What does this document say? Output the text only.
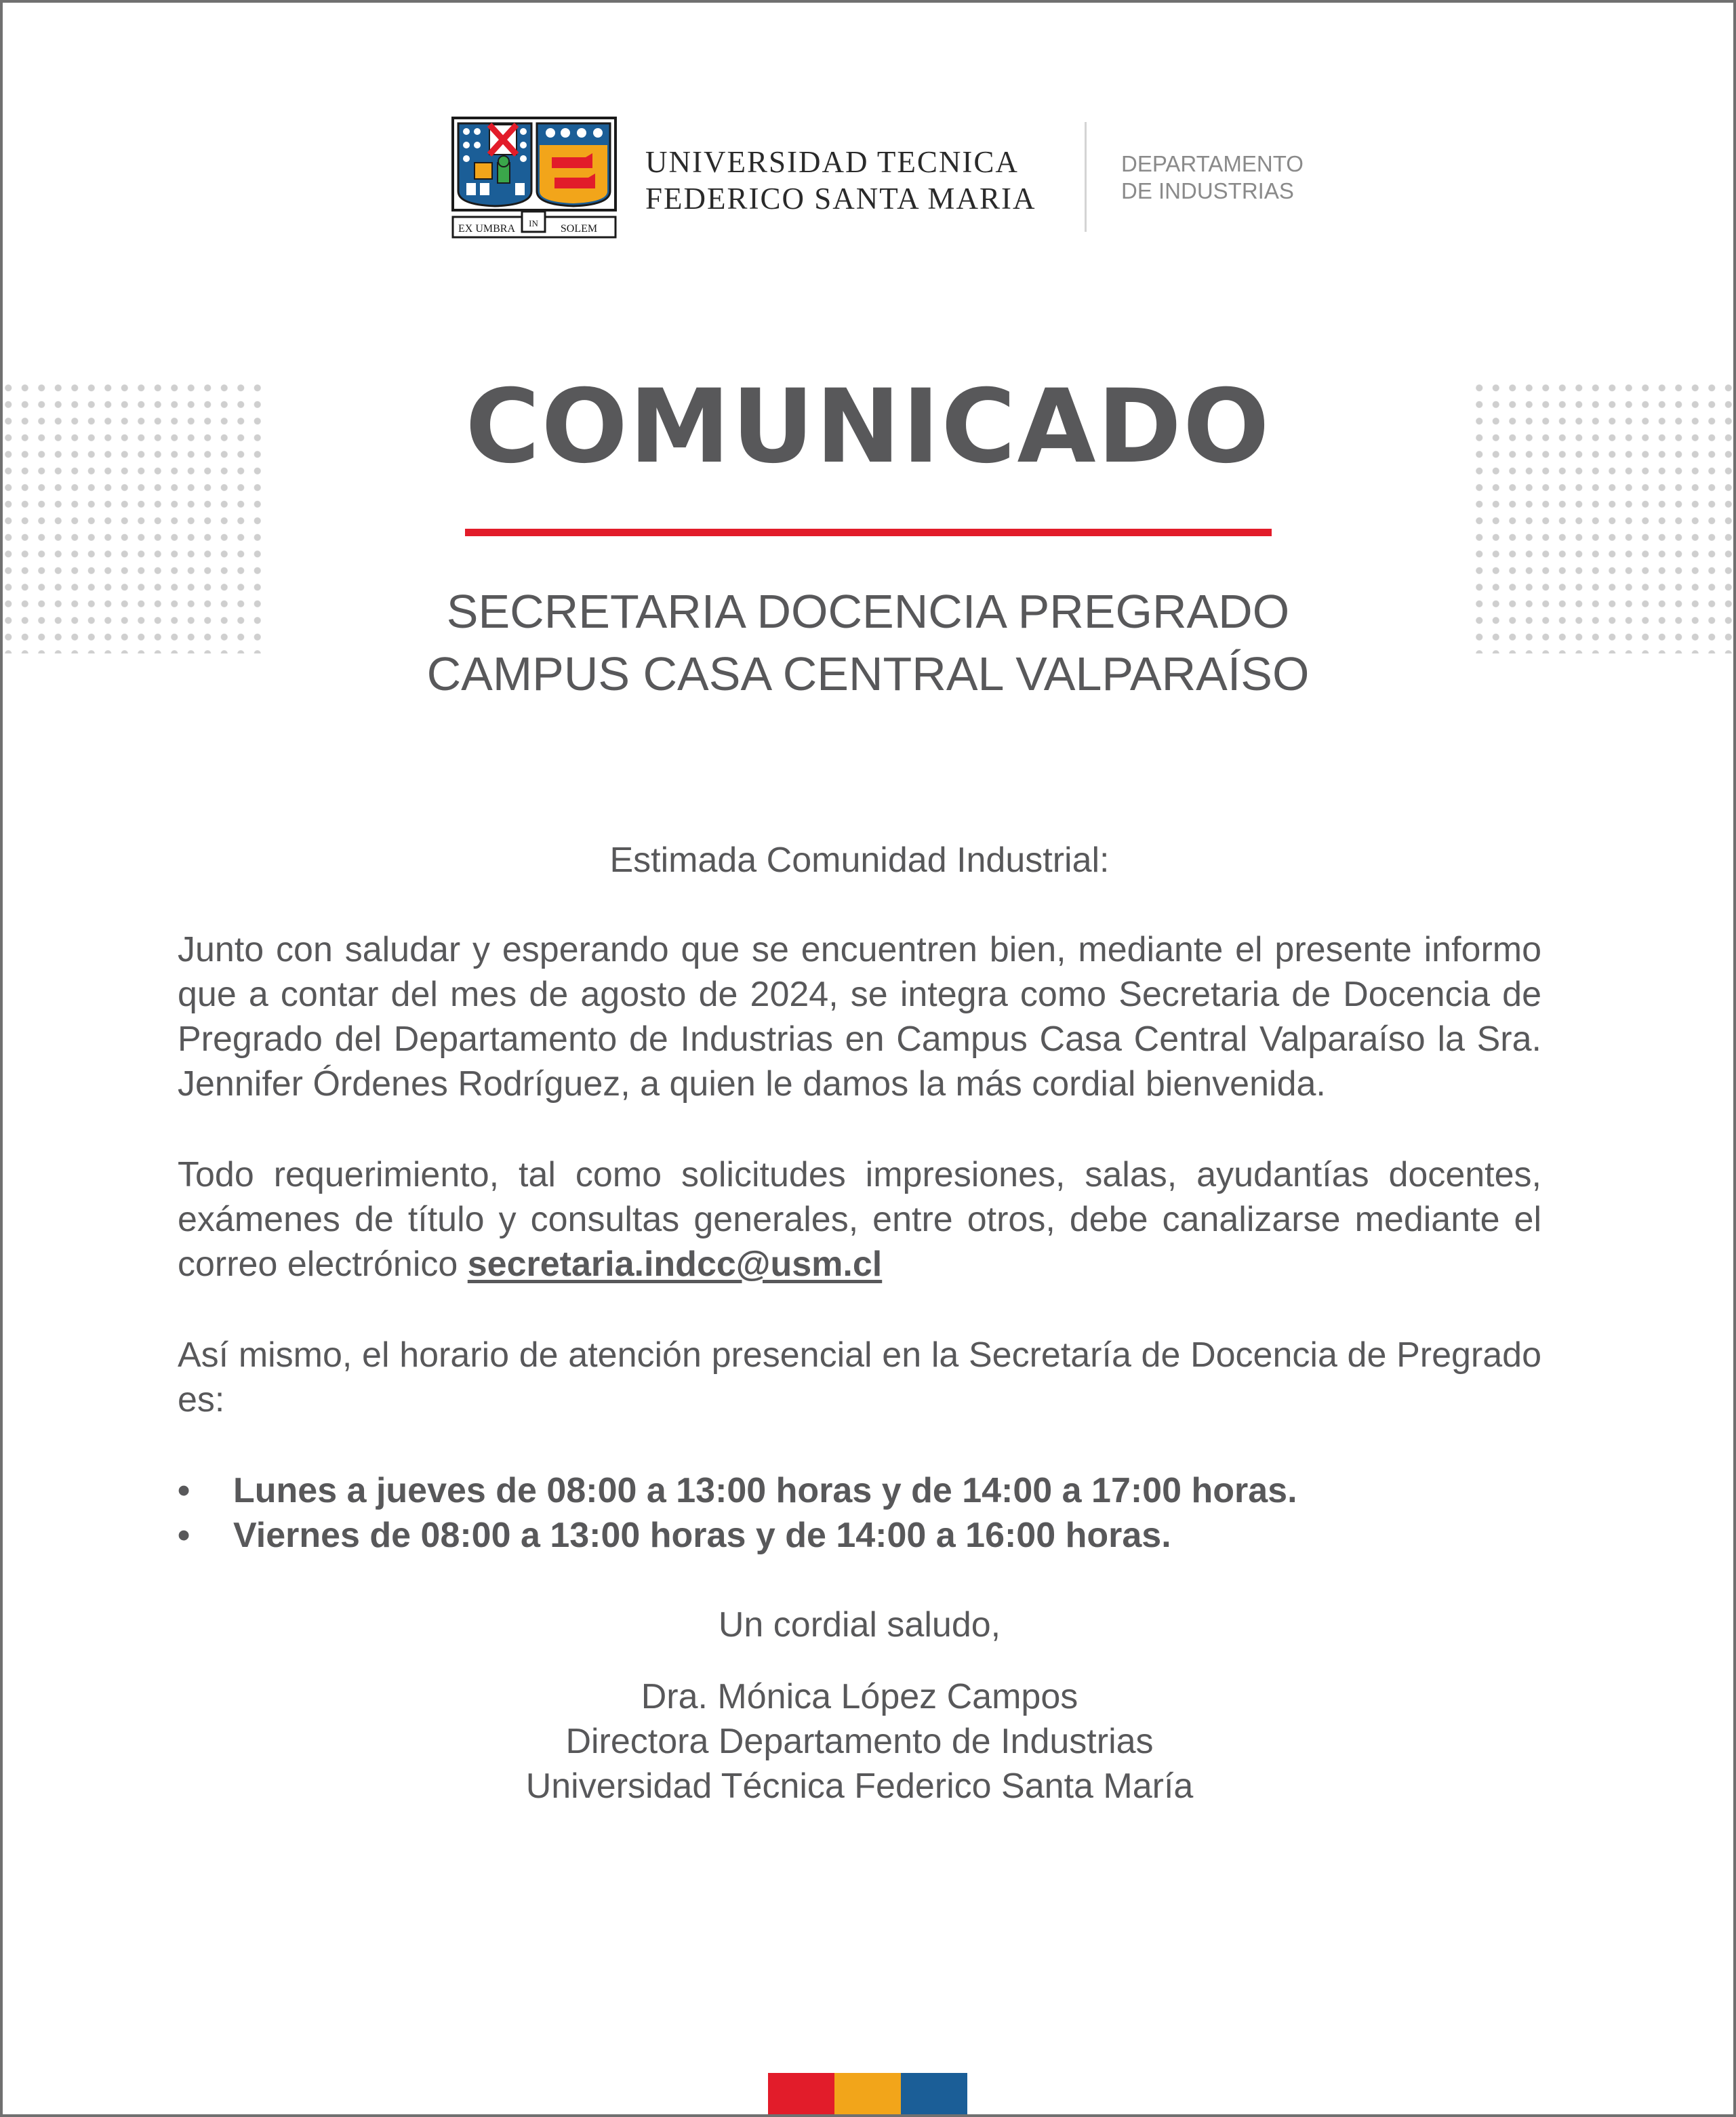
EX UMBRA IN SOLEM
UNIVERSIDAD TECNICA
FEDERICO SANTA MARIA
DEPARTAMENTO
DE INDUSTRIAS
COMUNICADO
SECRETARIA DOCENCIA PREGRADO
CAMPUS CASA CENTRAL VALPARAÍSO

Estimada Comunidad Industrial:

Junto con saludar y esperando que se encuentren bien, mediante el presente informo que a contar del mes de agosto de 2024, se integra como Secretaria de Docencia de Pregrado del Departamento de Industrias en Campus Casa Central Valparaíso la Sra. Jennifer Órdenes Rodríguez, a quien le damos la más cordial bienvenida.

Todo requerimiento, tal como solicitudes impresiones, salas, ayudantías docentes, exámenes de título y consultas generales, entre otros, debe canalizarse mediante el correo electrónico secretaria.indcc@usm.cl

Así mismo, el horario de atención presencial en la Secretaría de Docencia de Pregrado es:

• Lunes a jueves de 08:00 a 13:00 horas y de 14:00 a 17:00 horas.
• Viernes de 08:00 a 13:00 horas y de 14:00 a 16:00 horas.

Un cordial saludo,

Dra. Mónica López Campos
Directora Departamento de Industrias
Universidad Técnica Federico Santa María
